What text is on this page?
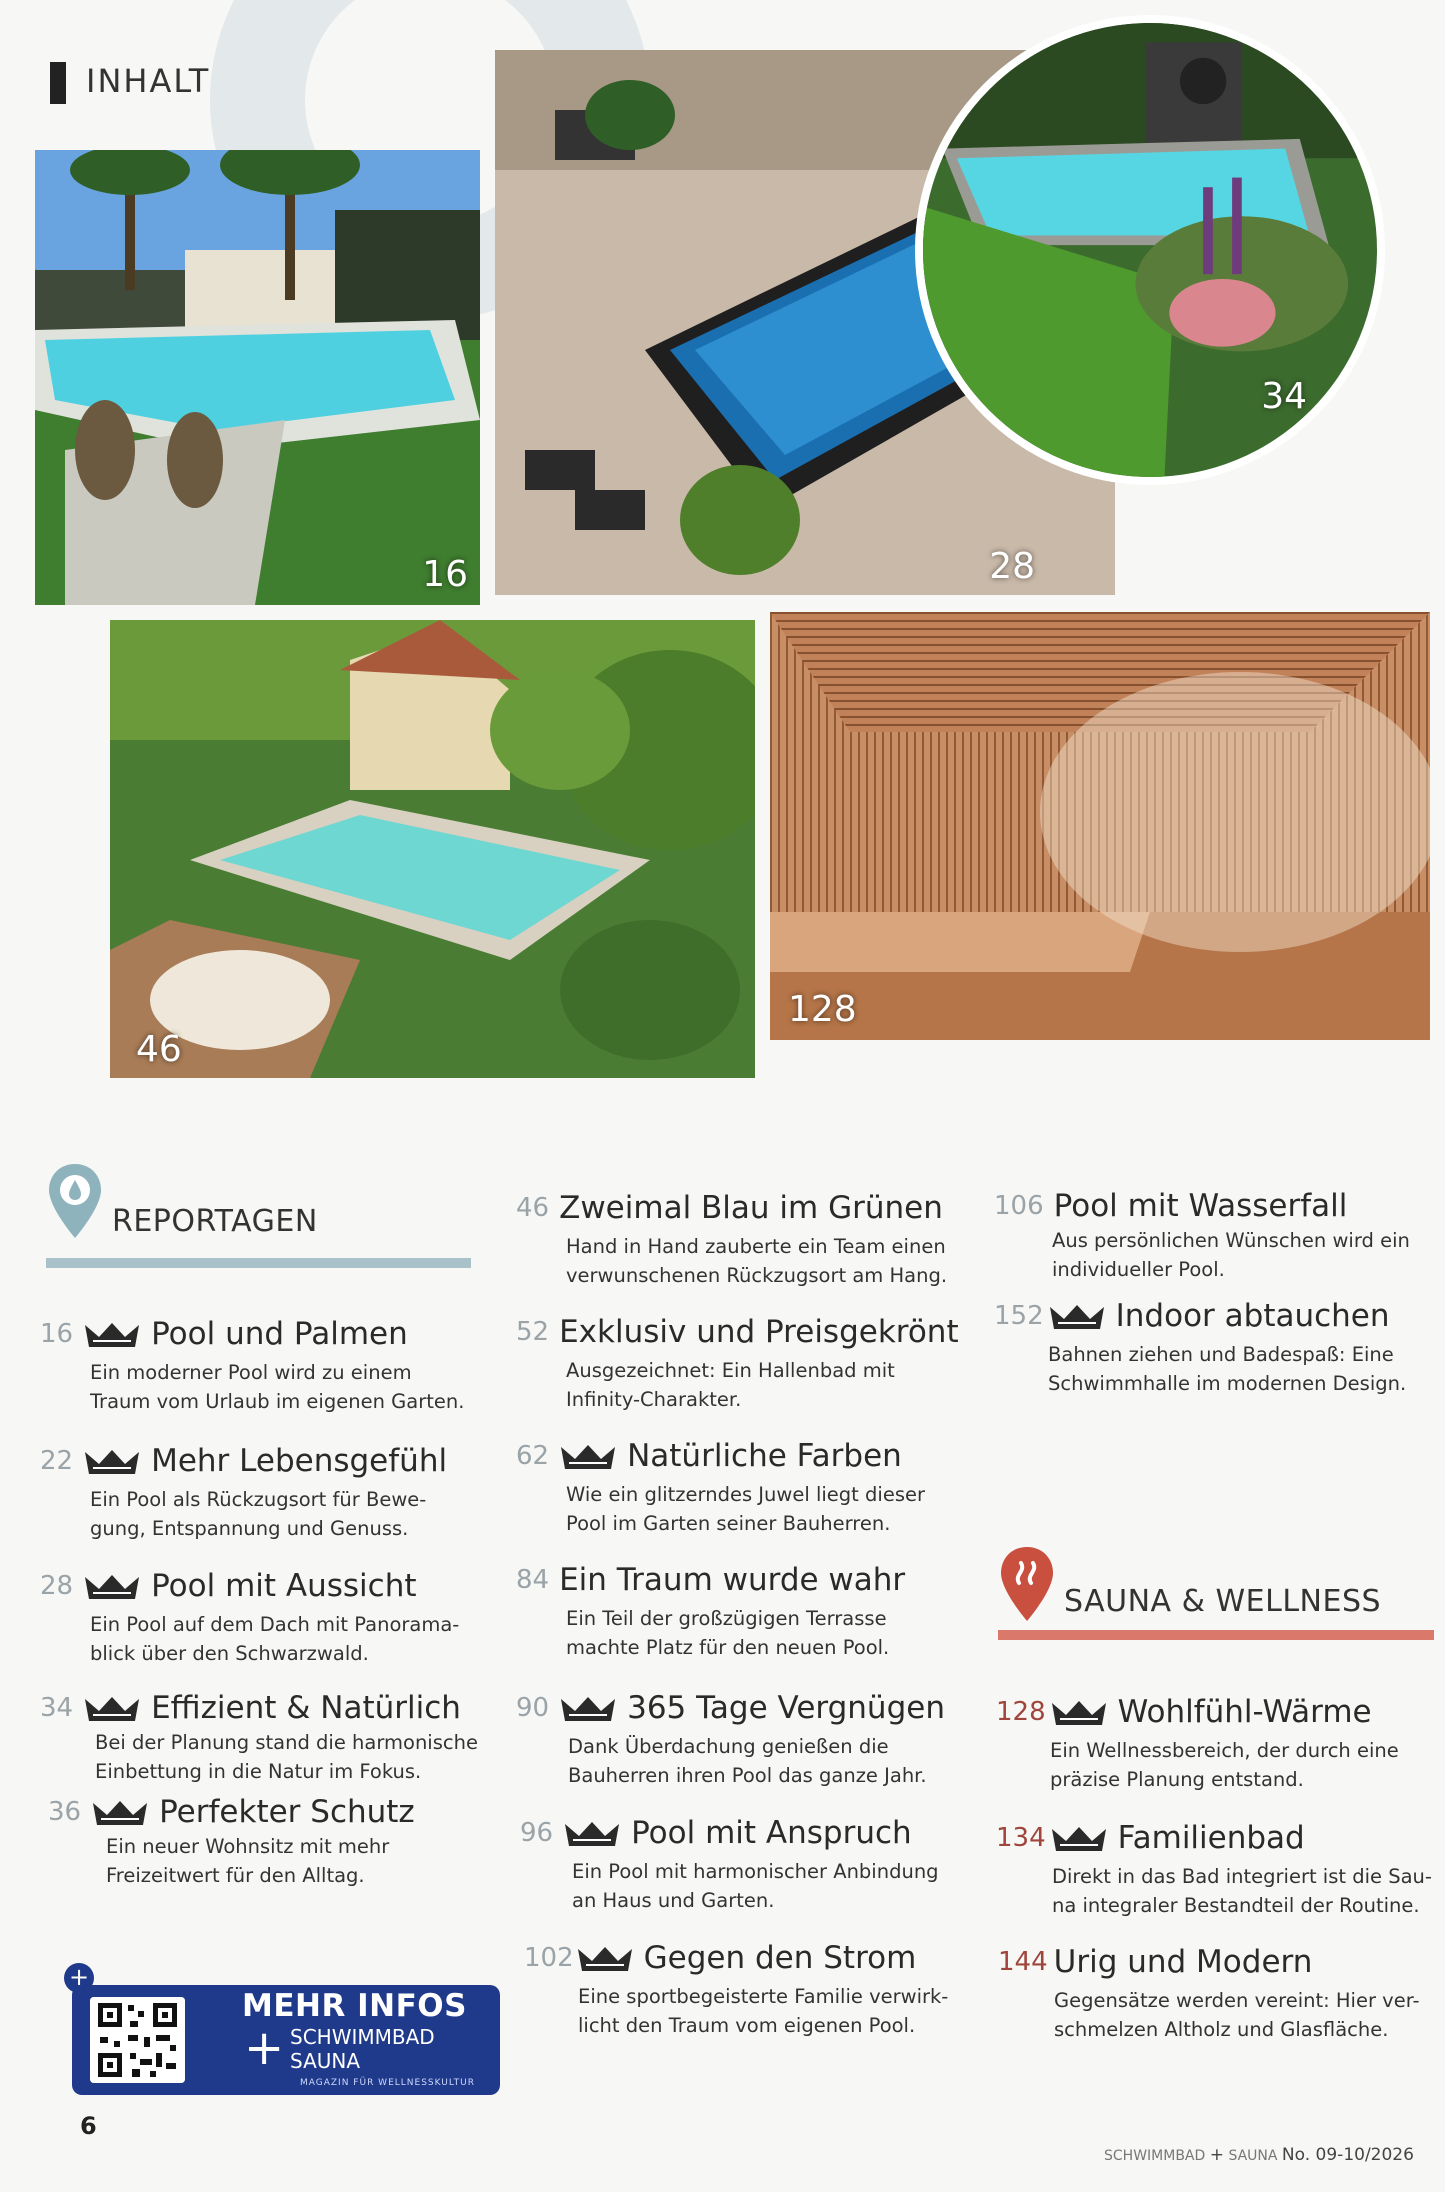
INHALT
16	28
34
46
128
REPORTAGEN
16	Pool und Palmen
Ein moderner Pool wird zu einem
Traum vom Urlaub im eigenen Garten.
22	Mehr Lebensgefühl
Ein Pool als Rückzugsort für Bewe-
gung, Entspannung und Genuss.
28	Pool mit Aussicht
Ein Pool auf dem Dach mit Panorama-
blick über den Schwarzwald.
34	Effizient & Natürlich
Bei der Planung stand die harmonische
Einbettung in die Natur im Fokus.
36	Perfekter Schutz
Ein neuer Wohnsitz mit mehr
Freizeitwert für den Alltag.
46 Zweimal Blau im Grünen
Hand in Hand zauberte ein Team einen
verwunschenen Rückzugsort am Hang.
52 Exklusiv und Preisgekrönt
Ausgezeichnet: Ein Hallenbad mit
Infinity-Charakter.
62	Natürliche Farben
Wie ein glitzerndes Juwel liegt dieser
Pool im Garten seiner Bauherren.
84 Ein Traum wurde wahr
Ein Teil der großzügigen Terrasse
machte Platz für den neuen Pool.
90	365 Tage Vergnügen
Dank Überdachung genießen die
Bauherren ihren Pool das ganze Jahr.
96	Pool mit Anspruch
Ein Pool mit harmonischer Anbindung
an Haus und Garten.
102 Gegen den Strom
Eine sportbegeisterte Familie verwirk-
licht den Traum vom eigenen Pool.
106 Pool mit Wasserfall
Aus persönlichen Wünschen wird ein
individueller Pool.
152 Indoor abtauchen
Bahnen ziehen und Badespaß: Eine
Schwimmhalle im modernen Design.
SAUNA & WELLNESS
128 Wohlfühl-Wärme
Ein Wellnessbereich, der durch eine
präzise Planung entstand.
134 Familienbad
Direkt in das Bad integriert ist die Sau-
na integraler Bestandteil der Routine.
144 Urig und Modern
Gegensätze werden vereint: Hier ver-
schmelzen Altholz und Glasfläche.
+
MEHR INFOS
+ SCHWIMMBAD
SAUNA
MAGAZIN FÜR WELLNESSKULTUR
6
SCHWIMMBAD + SAUNA No. 09-10/2026
